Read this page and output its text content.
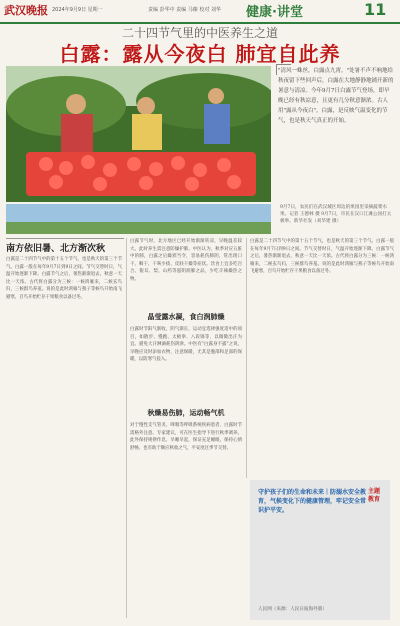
武汉晚报 2024年9月9日 星期一	责编 彭华中 责编 马臻 校对 刘华 健康·讲堂	11
二十四节气里的中医养生之道
白露：露从今夜白 肺宜自此养
"清风一蛛丝，白露点九霄。"处暑不声不响地给秋夜留下些回声后，白露在大地静静地铺开新的暑意与清凉。今年9月7日白露节气登场，即早晚已经有秋凉意，且更有几分秋意渐浓。古人用"露从今夜白"。白露，是反映气温变化的节气，也是秋天气真正的开始。
9月7日，农民们在武汉城区周边的果园里采摘蔬菜水果。记者 王德林 摄 9月7日，市民在汉口江滩公园打太极拳。新华社发（刘华建 摄）
南方依旧暑、北方渐次秋
白露是二十四节气中的第十五个节气，也是秋天的第三个节气。白露一般在每年9月7日到9日之间。节气交替时日，气温开始逐渐下降。白露节气之后，暑热渐渐退去，秋意一天比一天浓。古代将白露分为三候：一候鸿雁来，二候玄鸟归，三候群鸟养羞。说的是此时鸿雁与燕子等候鸟开始南飞避寒，百鸟开始贮存干果粮食以备过冬。
白露节气时，北方地区已经开始渐渐转凉，早晚温差较大。此时养生需注意防燥护肺。中医认为，秋季对应五脏中的肺，白露之后燥邪当令，容易耗伤肺阴，常出现口干、咽干、干咳少痰、皮肤干燥等症状。饮食上宜多吃百合、银耳、梨、山药等滋阴润肺之品，少吃辛辣燥热之物。
晶莹露水凝，食白润肺燥
白露时节阳气渐收，阴气渐长，运动宜选择强度适中的项目，如散步、慢跑、太极拳、八段锦等，以微微出汗为宜。避免大汗淋漓耗伤阴津。中医有"白露身不露"之说，早晚应及时添加衣物，注意保暖，尤其是腹部和足部的保暖，以防寒气侵入。
秋燥易伤肺，运动畅气机
对于慢性支气管炎、哮喘等呼吸系统疾病患者，白露时节需格外注意。专家建议，可在医生指导下进行秋季调养。此外保持规律作息，早睡早起，保证充足睡眠，保持心情舒畅，也有助于顺应秋收之气，平安度过季节交替。
白露是二十四节气中的第十五个节气，也是秋天的第三个节气。白露一般在每年9月7日到9日之间。节气交替时日，气温开始逐渐下降。白露节气之后，暑热渐渐退去，秋意一天比一天浓。古代将白露分为三候：一候鸿雁来，二候玄鸟归，三候群鸟养羞。说的是此时鸿雁与燕子等候鸟开始南飞避寒，百鸟开始贮存干果粮食以备过冬。
守护孩子们的生命和未来｜防溺水安全教育，气候变化下的健康管理，牢记安全常识护平安。
主题教育
人民网（来源：人民日报海外版）
